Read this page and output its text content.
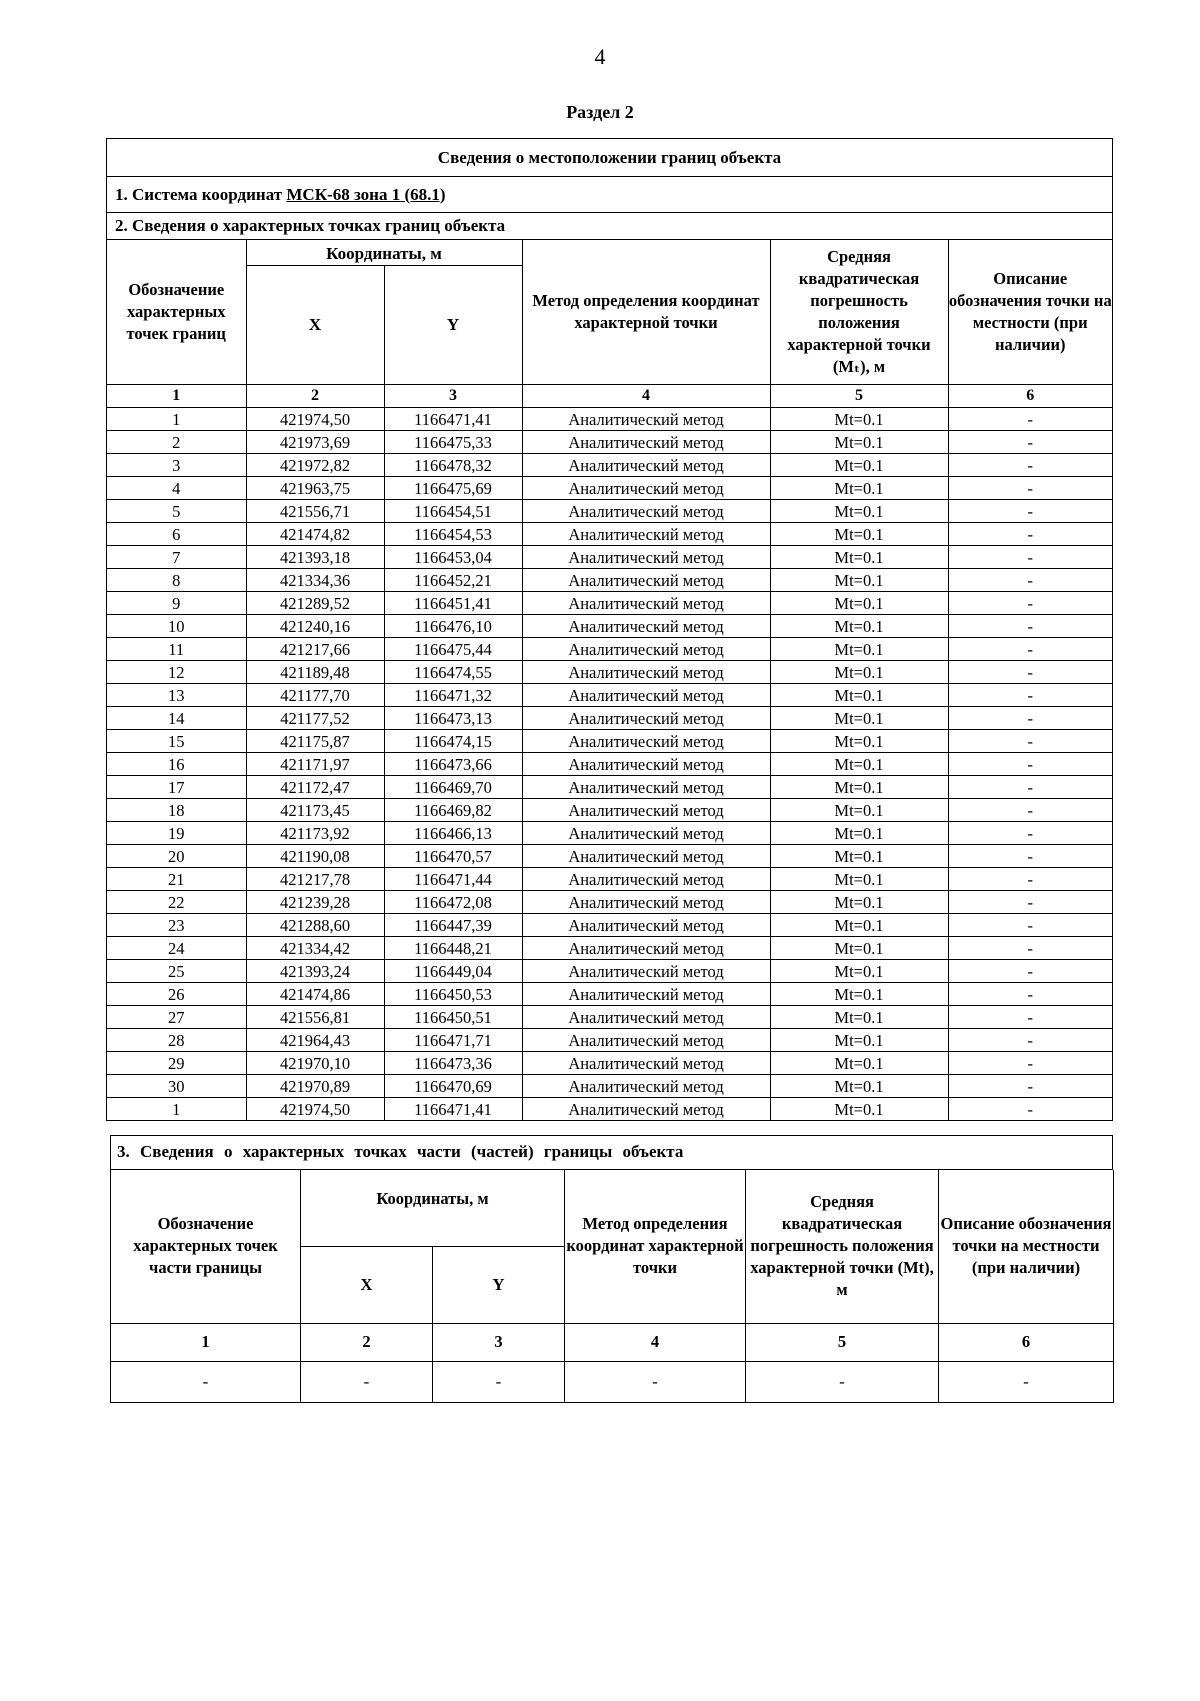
4
Раздел 2
Сведения о местоположении границ объекта
1. Система координат МСК-68 зона 1 (68.1)
2. Сведения о характерных точках границ объекта

Обозначение характерных точек границ	Координаты, м	Метод определения координат характерной точки	Средняя квадратическая погрешность положения характерной точки (Mₜ), м	Описание обозначения точки на местности (при наличии)
X	Y
1	2	3	4	5	6
1	421974,50	1166471,41	Аналитический метод	Mt=0.1	-
2	421973,69	1166475,33	Аналитический метод	Mt=0.1	-
3	421972,82	1166478,32	Аналитический метод	Mt=0.1	-
4	421963,75	1166475,69	Аналитический метод	Mt=0.1	-
5	421556,71	1166454,51	Аналитический метод	Mt=0.1	-
6	421474,82	1166454,53	Аналитический метод	Mt=0.1	-
7	421393,18	1166453,04	Аналитический метод	Mt=0.1	-
8	421334,36	1166452,21	Аналитический метод	Mt=0.1	-
9	421289,52	1166451,41	Аналитический метод	Mt=0.1	-
10	421240,16	1166476,10	Аналитический метод	Mt=0.1	-
11	421217,66	1166475,44	Аналитический метод	Mt=0.1	-
12	421189,48	1166474,55	Аналитический метод	Mt=0.1	-
13	421177,70	1166471,32	Аналитический метод	Mt=0.1	-
14	421177,52	1166473,13	Аналитический метод	Mt=0.1	-
15	421175,87	1166474,15	Аналитический метод	Mt=0.1	-
16	421171,97	1166473,66	Аналитический метод	Mt=0.1	-
17	421172,47	1166469,70	Аналитический метод	Mt=0.1	-
18	421173,45	1166469,82	Аналитический метод	Mt=0.1	-
19	421173,92	1166466,13	Аналитический метод	Mt=0.1	-
20	421190,08	1166470,57	Аналитический метод	Mt=0.1	-
21	421217,78	1166471,44	Аналитический метод	Mt=0.1	-
22	421239,28	1166472,08	Аналитический метод	Mt=0.1	-
23	421288,60	1166447,39	Аналитический метод	Mt=0.1	-
24	421334,42	1166448,21	Аналитический метод	Mt=0.1	-
25	421393,24	1166449,04	Аналитический метод	Mt=0.1	-
26	421474,86	1166450,53	Аналитический метод	Mt=0.1	-
27	421556,81	1166450,51	Аналитический метод	Mt=0.1	-
28	421964,43	1166471,71	Аналитический метод	Mt=0.1	-
29	421970,10	1166473,36	Аналитический метод	Mt=0.1	-
30	421970,89	1166470,69	Аналитический метод	Mt=0.1	-
1	421974,50	1166471,41	Аналитический метод	Mt=0.1	-
3. Сведения о характерных точках части (частей) границы объекта
Обозначение характерных точек части границы	Координаты, м		Метод определения координат характерной точки	Средняя квадратическая погрешность положения характерной точки (Mt), м	Описание обозначения точки на местности (при наличии)
	X	Y			
1	2	3	4	5	6
-	-	-	-	-	-
